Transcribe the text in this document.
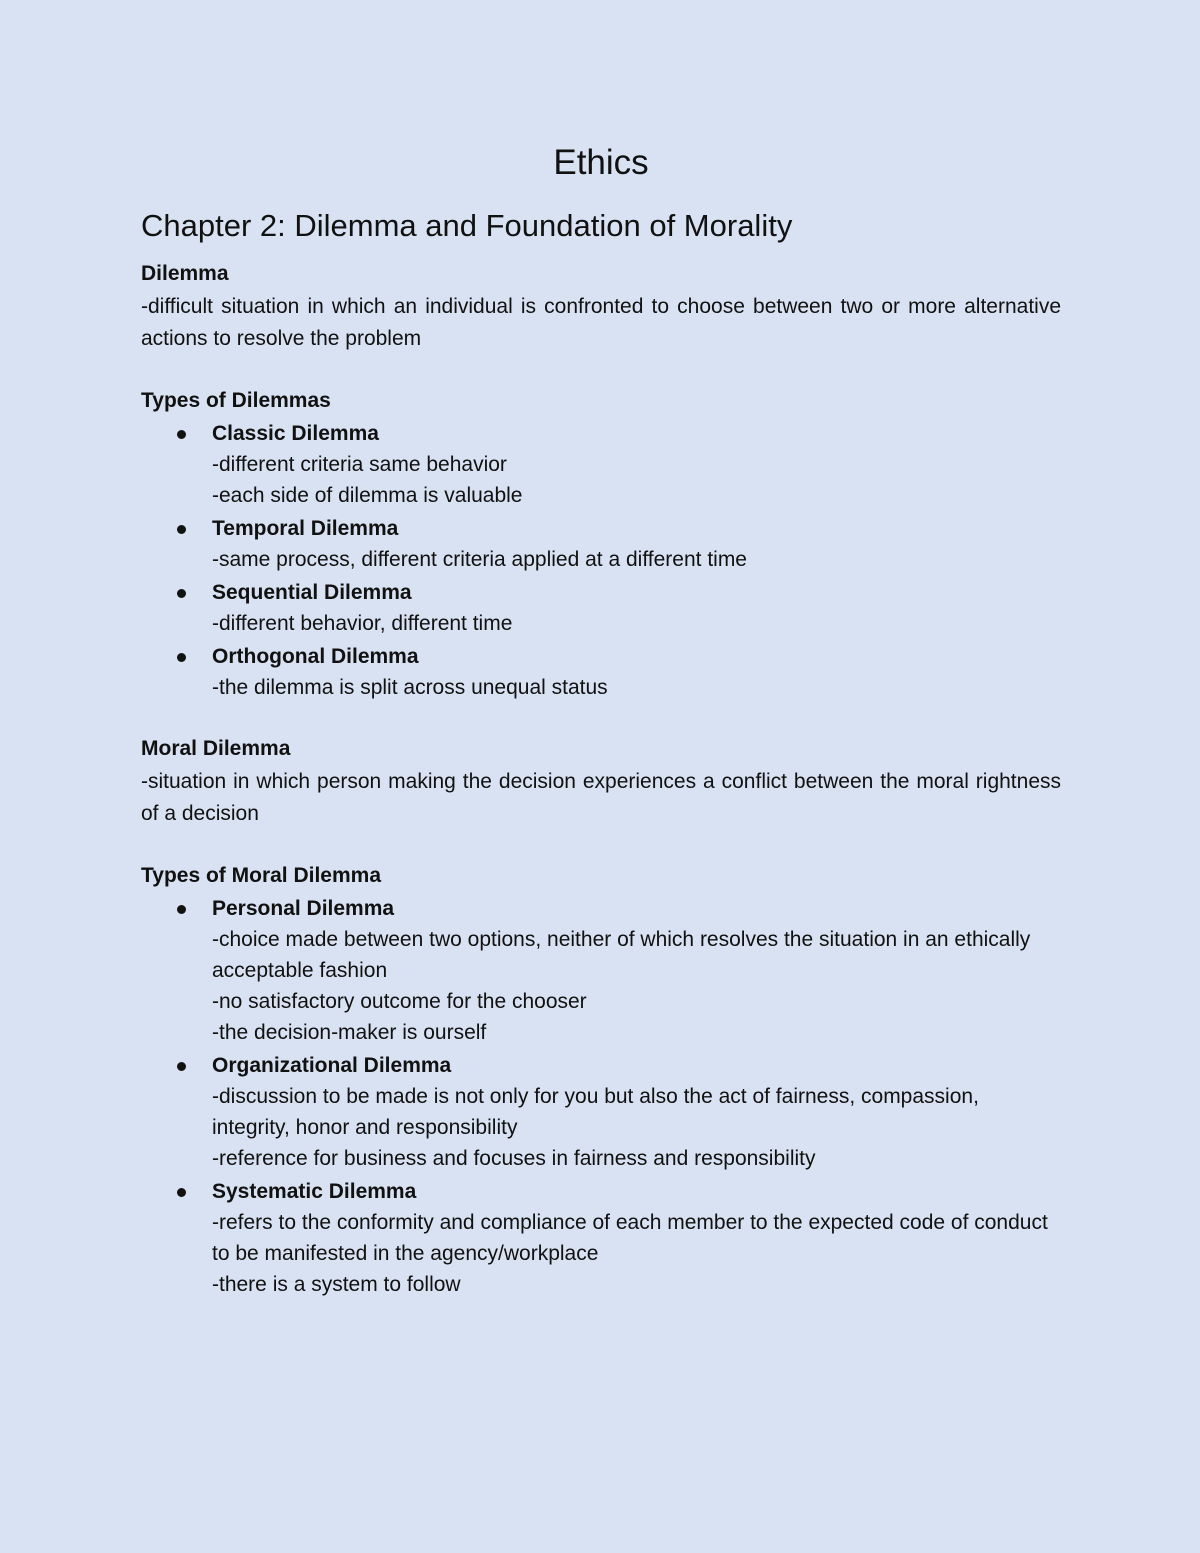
Ethics
Chapter 2: Dilemma and Foundation of Morality

Dilemma

-difficult situation in which an individual is confronted to choose between two or more alternative actions to resolve the problem

Types of Dilemmas

Classic Dilemma
-different criteria same behavior
-each side of dilemma is valuable
Temporal Dilemma
-same process, different criteria applied at a different time
Sequential Dilemma
-different behavior, different time
Orthogonal Dilemma
-the dilemma is split across unequal status

Moral Dilemma

-situation in which person making the decision experiences a conflict between the moral rightness of a decision

Types of Moral Dilemma

Personal Dilemma
-choice made between two options, neither of which resolves the situation in an ethically acceptable fashion
-no satisfactory outcome for the chooser
-the decision-maker is ourself
Organizational Dilemma
-discussion to be made is not only for you but also the act of fairness, compassion, integrity, honor and responsibility
-reference for business and focuses in fairness and responsibility
Systematic Dilemma
-refers to the conformity and compliance of each member to the expected code of conduct to be manifested in the agency/workplace
-there is a system to follow
